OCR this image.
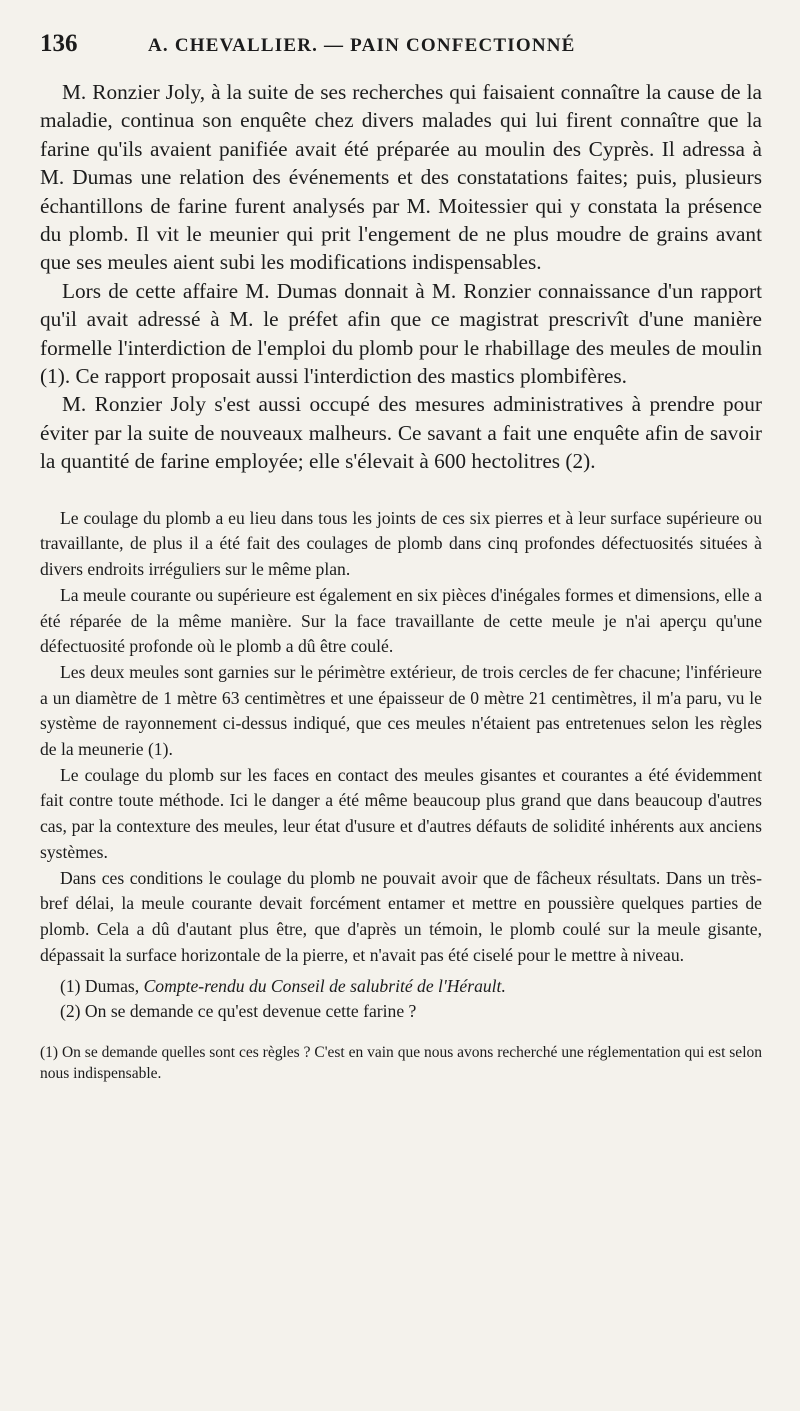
136	A. CHEVALLIER. — PAIN CONFECTIONNÉ

M. Ronzier Joly, à la suite de ses recherches qui faisaient connaître la cause de la maladie, continua son enquête chez divers malades qui lui firent connaître que la farine qu'ils avaient panifiée avait été préparée au moulin des Cyprès. Il adressa à M. Dumas une relation des événements et des constatations faites; puis, plusieurs échantillons de farine furent analysés par M. Moitessier qui y constata la présence du plomb. Il vit le meunier qui prit l'engement de ne plus moudre de grains avant que ses meules aient subi les modifications indispensables.

Lors de cette affaire M. Dumas donnait à M. Ronzier connaissance d'un rapport qu'il avait adressé à M. le préfet afin que ce magistrat prescrivît d'une manière formelle l'interdiction de l'emploi du plomb pour le rhabillage des meules de moulin (1). Ce rapport proposait aussi l'interdiction des mastics plombifères.

M. Ronzier Joly s'est aussi occupé des mesures administratives à prendre pour éviter par la suite de nouveaux malheurs. Ce savant a fait une enquête afin de savoir la quantité de farine employée; elle s'élevait à 600 hectolitres (2).

Le coulage du plomb a eu lieu dans tous les joints de ces six pierres et à leur surface supérieure ou travaillante, de plus il a été fait des coulages de plomb dans cinq profondes défectuosités situées à divers endroits irréguliers sur le même plan.

La meule courante ou supérieure est également en six pièces d'inégales formes et dimensions, elle a été réparée de la même manière. Sur la face travaillante de cette meule je n'ai aperçu qu'une défectuosité profonde où le plomb a dû être coulé.

Les deux meules sont garnies sur le périmètre extérieur, de trois cercles de fer chacune; l'inférieure a un diamètre de 1 mètre 63 centimètres et une épaisseur de 0 mètre 21 centimètres, il m'a paru, vu le système de rayonnement ci-dessus indiqué, que ces meules n'étaient pas entretenues selon les règles de la meunerie (1).

Le coulage du plomb sur les faces en contact des meules gisantes et courantes a été évidemment fait contre toute méthode. Ici le danger a été même beaucoup plus grand que dans beaucoup d'autres cas, par la contexture des meules, leur état d'usure et d'autres défauts de solidité inhérents aux anciens systèmes.

Dans ces conditions le coulage du plomb ne pouvait avoir que de fâcheux résultats. Dans un très-bref délai, la meule courante devait forcément entamer et mettre en poussière quelques parties de plomb. Cela a dû d'autant plus être, que d'après un témoin, le plomb coulé sur la meule gisante, dépassait la surface horizontale de la pierre, et n'avait pas été ciselé pour le mettre à niveau.

(1) Dumas, Compte-rendu du Conseil de salubrité de l'Hérault.

(2) On se demande ce qu'est devenue cette farine ?

(1) On se demande quelles sont ces règles ? C'est en vain que nous avons recherché une réglementation qui est selon nous indispensable.
